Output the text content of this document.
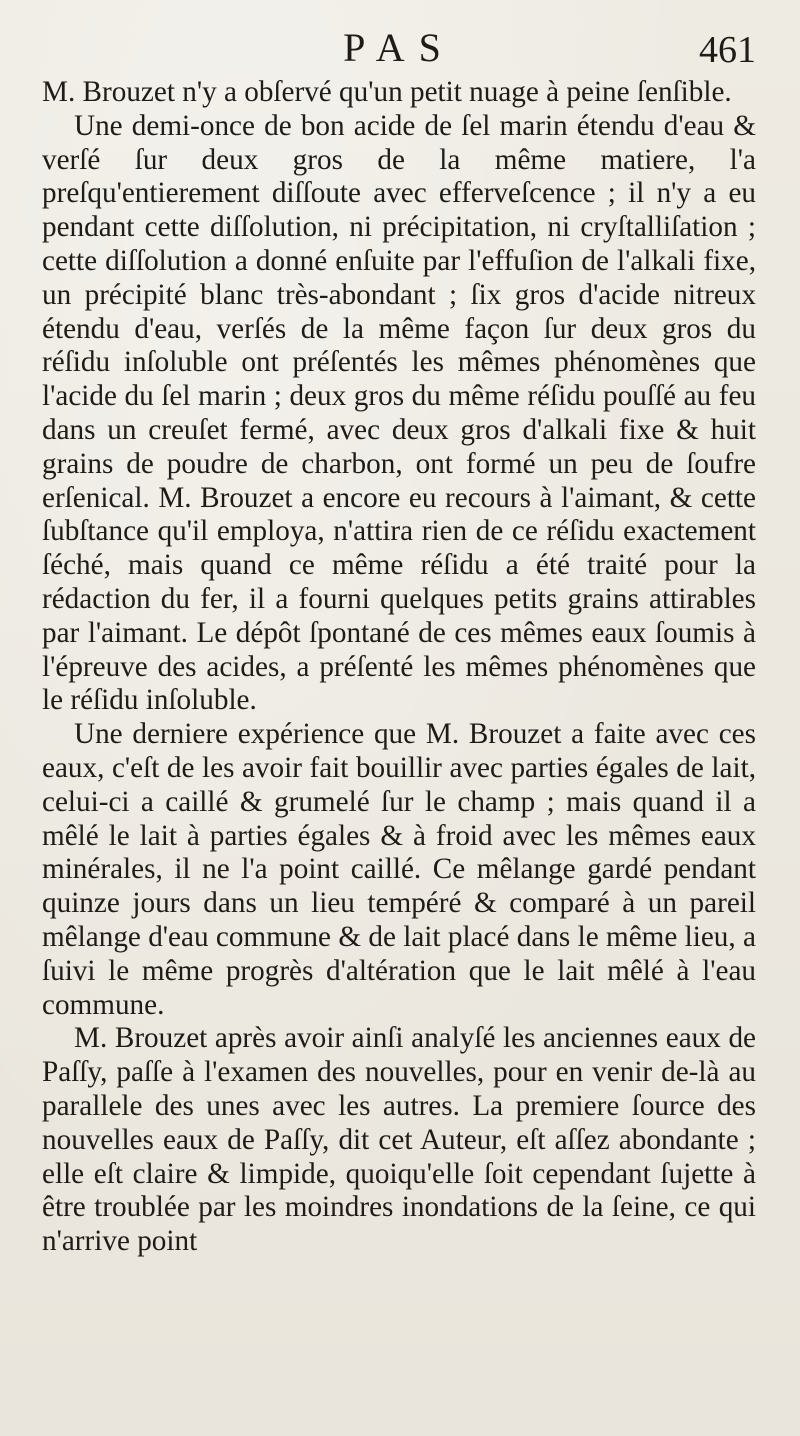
PAS	461

M. Brouzet n'y a obſervé qu'un petit nuage à peine ſenſible.

Une demi-once de bon acide de ſel marin étendu d'eau & verſé ſur deux gros de la même matiere, l'a preſqu'entierement diſſoute avec efferveſcence ; il n'y a eu pendant cette diſſolution, ni précipitation, ni cryſtalliſation ; cette diſſolution a donné enſuite par l'effuſion de l'alkali fixe, un précipité blanc très-abondant ; ſix gros d'acide nitreux étendu d'eau, verſés de la même façon ſur deux gros du réſidu inſoluble ont préſentés les mêmes phénomènes que l'acide du ſel marin ; deux gros du même réſidu pouſſé au feu dans un creuſet fermé, avec deux gros d'alkali fixe & huit grains de poudre de charbon, ont formé un peu de ſoufre erſenical. M. Brouzet a encore eu recours à l'aimant, & cette ſubſtance qu'il employa, n'attira rien de ce réſidu exactement ſéché, mais quand ce même réſidu a été traité pour la rédaction du fer, il a fourni quelques petits grains attirables par l'aimant. Le dépôt ſpontané de ces mêmes eaux ſoumis à l'épreuve des acides, a préſenté les mêmes phénomènes que le réſidu inſoluble.

Une derniere expérience que M. Brouzet a faite avec ces eaux, c'eſt de les avoir fait bouillir avec parties égales de lait, celui-ci a caillé & grumelé ſur le champ ; mais quand il a mêlé le lait à parties égales & à froid avec les mêmes eaux minérales, il ne l'a point caillé. Ce mêlange gardé pendant quinze jours dans un lieu tempéré & comparé à un pareil mêlange d'eau commune & de lait placé dans le même lieu, a ſuivi le même progrès d'altération que le lait mêlé à l'eau commune.

M. Brouzet après avoir ainſi analyſé les anciennes eaux de Paſſy, paſſe à l'examen des nouvelles, pour en venir de-là au parallele des unes avec les autres. La premiere ſource des nouvelles eaux de Paſſy, dit cet Auteur, eſt aſſez abondante ; elle eſt claire & limpide, quoiqu'elle ſoit cependant ſujette à être troublée par les moindres inondations de la ſeine, ce qui n'arrive point
